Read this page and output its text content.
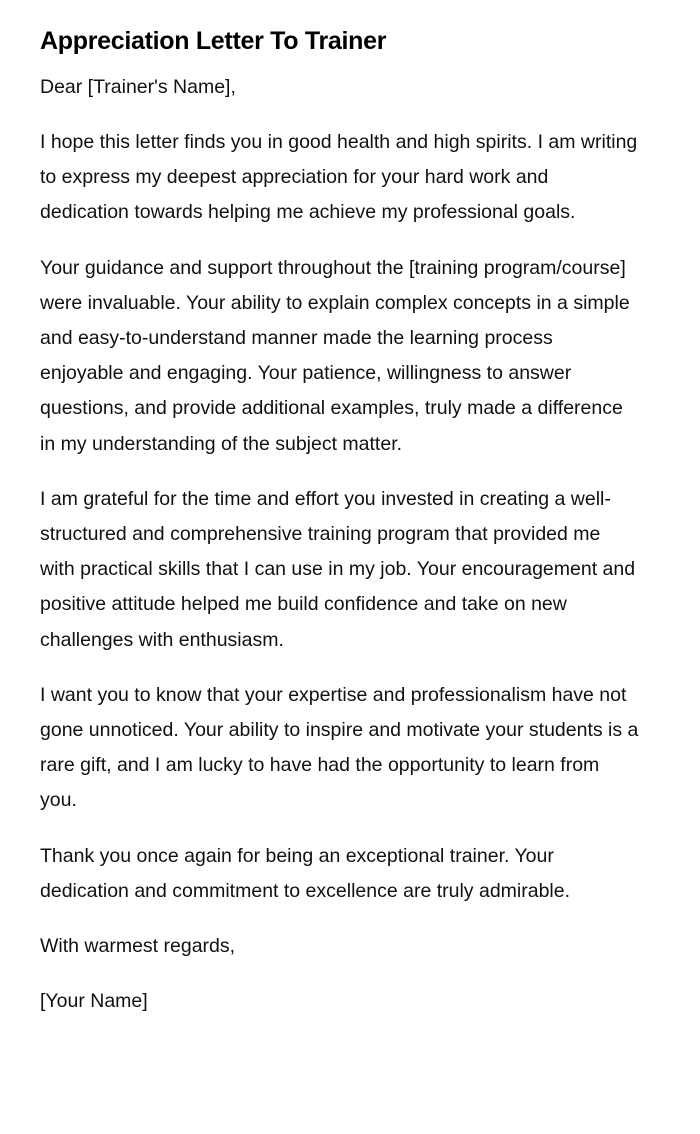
Appreciation Letter To Trainer

Dear [Trainer's Name],

I hope this letter finds you in good health and high spirits. I am writing to express my deepest appreciation for your hard work and dedication towards helping me achieve my professional goals.

Your guidance and support throughout the [training program/course] were invaluable. Your ability to explain complex concepts in a simple and easy-to-understand manner made the learning process enjoyable and engaging. Your patience, willingness to answer questions, and provide additional examples, truly made a difference in my understanding of the subject matter.

I am grateful for the time and effort you invested in creating a well-structured and comprehensive training program that provided me with practical skills that I can use in my job. Your encouragement and positive attitude helped me build confidence and take on new challenges with enthusiasm.

I want you to know that your expertise and professionalism have not gone unnoticed. Your ability to inspire and motivate your students is a rare gift, and I am lucky to have had the opportunity to learn from you.

Thank you once again for being an exceptional trainer. Your dedication and commitment to excellence are truly admirable.

With warmest regards,

[Your Name]
